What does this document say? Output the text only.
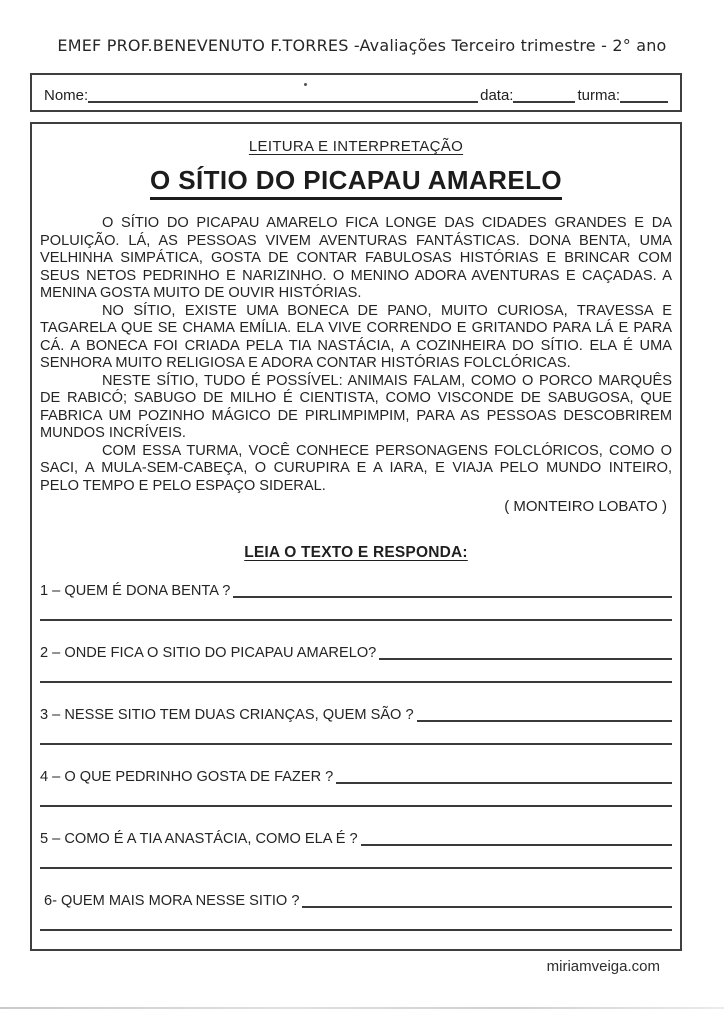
EMEF PROF.BENEVENUTO F.TORRES -Avaliações Terceiro trimestre - 2° ano
Nome:	data:	turma:
LEITURA E INTERPRETAÇÃO
O SÍTIO DO PICAPAU AMARELO

O SÍTIO DO PICAPAU AMARELO FICA LONGE DAS CIDADES GRANDES E DA POLUIÇÃO. LÁ, AS PESSOAS VIVEM AVENTURAS FANTÁSTICAS. DONA BENTA, UMA VELHINHA SIMPÁTICA, GOSTA DE CONTAR FABULOSAS HISTÓRIAS E BRINCAR COM SEUS NETOS PEDRINHO E NARIZINHO. O MENINO ADORA AVENTURAS E CAÇADAS. A MENINA GOSTA MUITO DE OUVIR HISTÓRIAS.

NO SÍTIO, EXISTE UMA BONECA DE PANO, MUITO CURIOSA, TRAVESSA E TAGARELA QUE SE CHAMA EMÍLIA. ELA VIVE CORRENDO E GRITANDO PARA LÁ E PARA CÁ. A BONECA FOI CRIADA PELA TIA NASTÁCIA, A COZINHEIRA DO SÍTIO. ELA É UMA SENHORA MUITO RELIGIOSA E ADORA CONTAR HISTÓRIAS FOLCLÓRICAS.

NESTE SÍTIO, TUDO É POSSÍVEL: ANIMAIS FALAM, COMO O PORCO MARQUÊS DE RABICÓ; SABUGO DE MILHO É CIENTISTA, COMO VISCONDE DE SABUGOSA, QUE FABRICA UM POZINHO MÁGICO DE PIRLIMPIMPIM, PARA AS PESSOAS DESCOBRIREM MUNDOS INCRÍVEIS.

COM ESSA TURMA, VOCÊ CONHECE PERSONAGENS FOLCLÓRICOS, COMO O SACI, A MULA-SEM-CABEÇA, O CURUPIRA E A IARA, E VIAJA PELO MUNDO INTEIRO, PELO TEMPO E PELO ESPAÇO SIDERAL.

( MONTEIRO LOBATO )
LEIA O TEXTO E RESPONDA:
1 – QUEM É DONA BENTA ?
2 – ONDE FICA O SITIO DO PICAPAU AMARELO?
3 – NESSE SITIO TEM DUAS CRIANÇAS, QUEM SÃO ?
4 – O QUE PEDRINHO GOSTA DE FAZER ?
5 – COMO É A TIA ANASTÁCIA, COMO ELA É ?
6- QUEM MAIS MORA NESSE SITIO ?
miriamveiga.com
